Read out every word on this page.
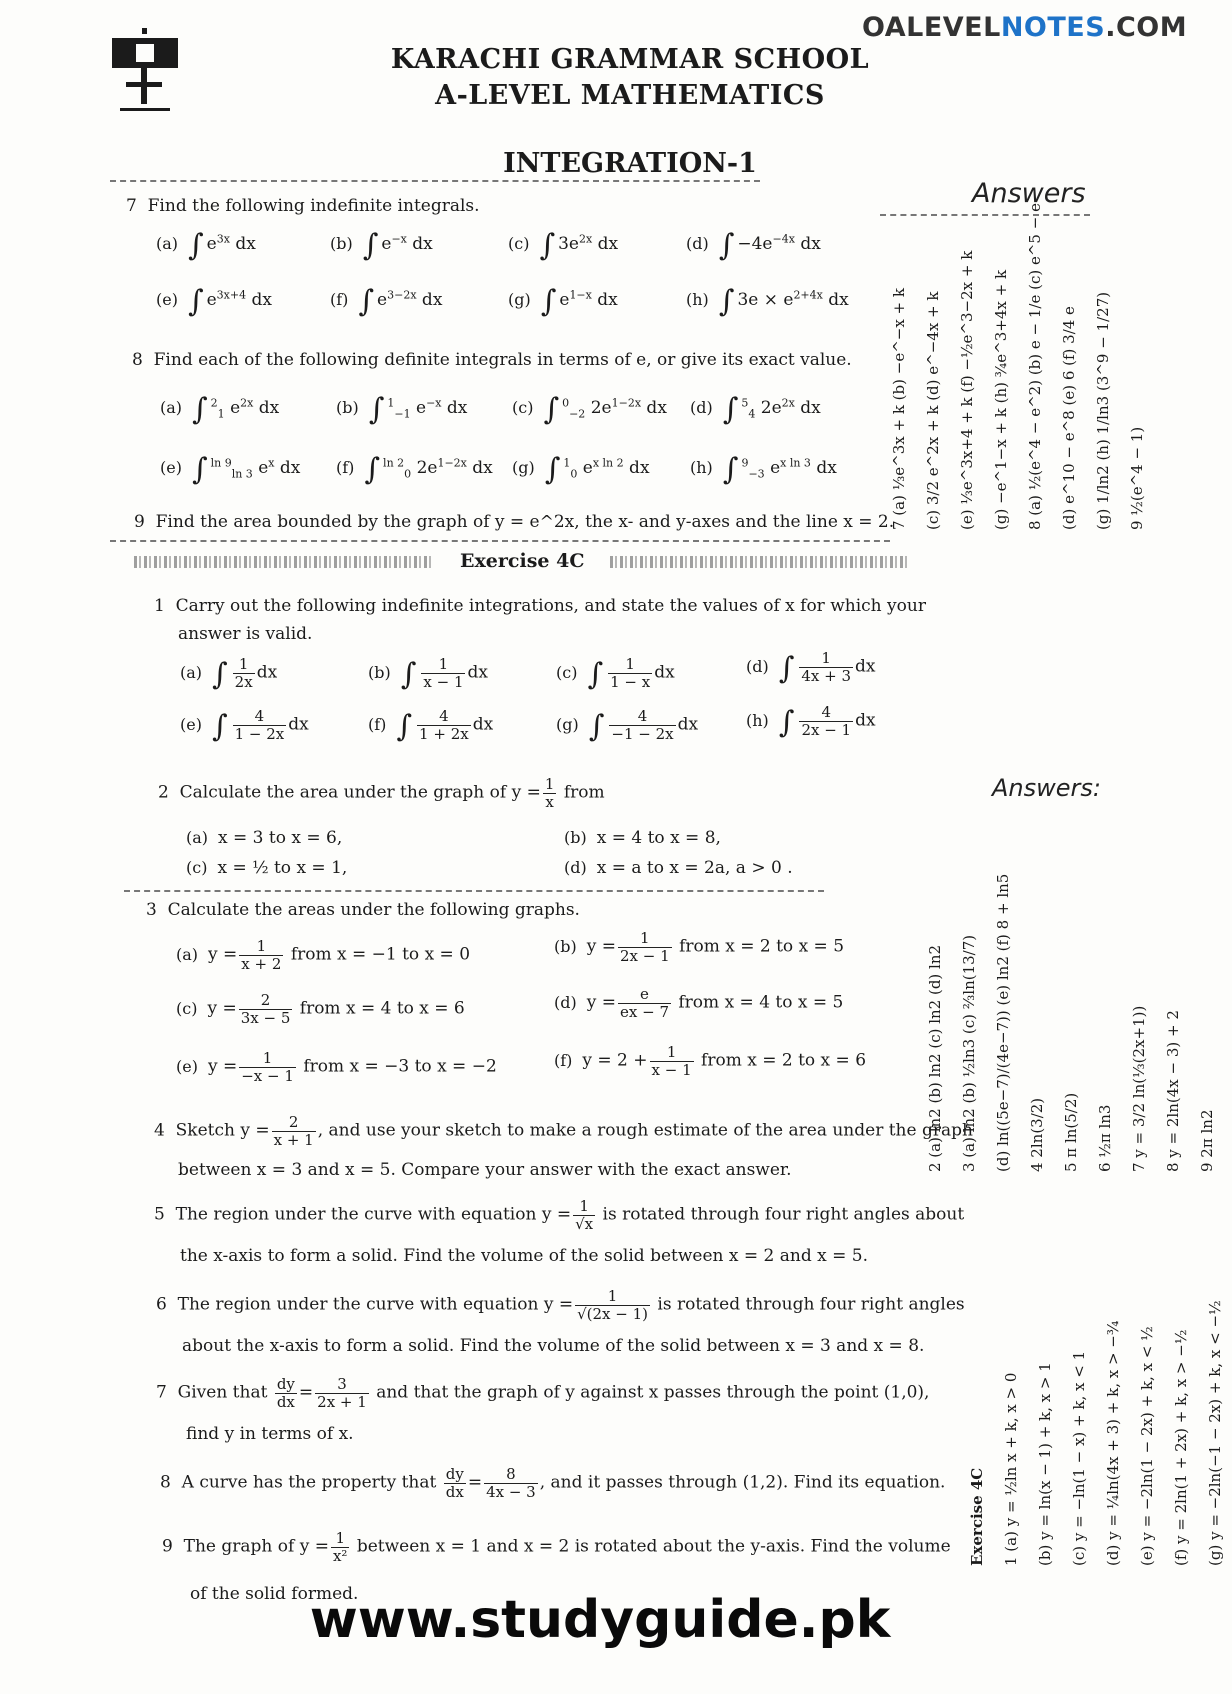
OALEVELNOTES.COM
KARACHI GRAMMAR SCHOOL
A-LEVEL MATHEMATICS
INTEGRATION-1
7 Find the following indefinite integrals.
(a) ∫ $e^{3x}$ dx	(b) ∫ $e^{-x}$ dx	(c) ∫ $3e^{2x}$ dx	(d) ∫ $-4e^{-4x}$ dx
(e) ∫ $e^{3x+4}$ dx	(f) ∫ $e^{3-2x}$ dx	(g) ∫ $e^{1-x}$ dx	(h) ∫ $3e \times e^{2+4x}$ dx
8 Find each of the following definite integrals in terms of e, or give its exact value.
(a) ∫ $^2_1$ $e^{2x}$ dx	(b) ∫ $^1_{-1}$ $e^{-x}$ dx	(c) ∫ $^0_{-2}$ $2e^{1-2x}$ dx (d) ∫ $^5_4$ $2e^{2x}$ dx
(e) ∫ $^{ln 9}_{ln 3}$ $e^x$ dx (f) ∫ $^{ln 2}_0$ $2e^{1-2x}$ dx (g) ∫ $^1_0$ $e^{x ln 2}$ dx	(h) ∫ $^9_{-3}$ $e^{x ln 3}$ dx
9 Find the area bounded by the graph of y = e^2x, the x- and y-axes and the line x = 2.
Answers
7 (a) ⅓e^3x + k (b) −e^−x + k	(c) 3/2 e^2x + k (d) e^−4x + k	(e) ⅓e^3x+4 + k (f) −½e^3−2x + k	(g) −e^1−x + k (h) ¾e^3+4x + k	8 (a) ½(e^4 − e^2) (b) e − 1/e (c) e^5 − e	(d) e^10 − e^8 (e) 6 (f) 3/4 e	(g) 1/ln2 (h) 1/ln3 (3^9 − 1/27)	9 ½(e^4 − 1)
Exercise 4C
1 Carry out the following indefinite integrations, and state the values of x for which your
answer is valid.
(a) ∫ $\frac{1}{2x}$ dx	(b) ∫ $\frac{1}{x - 1}$ dx	(c) ∫ $\frac{1}{1 - x}$ dx	(d) ∫ $\frac{1}{4x + 3}$ dx
(e) ∫ $\frac{4}{1 - 2x}$ dx	(f) ∫ $\frac{4}{1 + 2x}$ dx	(g) ∫ $\frac{4}{-1 - 2x}$ dx	(h) ∫ $\frac{4}{2x - 1}$ dx
2 Calculate the area under the graph of $y = \frac{1}{x}$ from
(a) x = 3 to x = 6,	(b) x = 4 to x = 8,
(c) x = ½ to x = 1,	(d) x = a to x = 2a, a > 0 .
3 Calculate the areas under the following graphs.
(a) $y = \frac{1}{x + 2}$ from x = −1 to x = 0	(b) $y = \frac{1}{2x - 1}$ from x = 2 to x = 5
(c) $y = \frac{2}{3x - 5}$ from x = 4 to x = 6	(d) $y = \frac{e}{ex - 7}$ from x = 4 to x = 5
(e) $y = \frac{1}{-x - 1}$ from x = −3 to x = −2	(f) $y = 2 + \frac{1}{x - 1}$ from x = 2 to x = 6
4 Sketch $y = \frac{2}{x + 1}$ , and use your sketch to make a rough estimate of the area under the graph
between x = 3 and x = 5. Compare your answer with the exact answer.
5 The region under the curve with equation $y = \frac{1}{√x}$ is rotated through four right angles about
the x-axis to form a solid. Find the volume of the solid between x = 2 and x = 5.
6 The region under the curve with equation $y = \frac{1}{√(2x - 1)}$ is rotated through four right angles
about the x-axis to form a solid. Find the volume of the solid between x = 3 and x = 8.
7 Given that $\frac{dy}{dx} = \frac{3}{2x + 1}$ and that the graph of y against x passes through the point (1,0),
find y in terms of x.
8 A curve has the property that $\frac{dy}{dx} = \frac{8}{4x - 3}$ , and it passes through (1,2). Find its equation.
9 The graph of $y = \frac{1}{\text{x²}}$ between x = 1 and x = 2 is rotated about the y-axis. Find the volume
of the solid formed.
Answers:
2 (a) ln2 (b) ln2 (c) ln2 (d) ln2	3 (a) ln2 (b) ½ln3 (c) ⅔ln(13/7)	(d) ln((5e−7)/(4e−7)) (e) ln2 (f) 8 + ln5	4 2ln(3/2)	5 π ln(5/2)	6 ½π ln3	7 y = 3/2 ln(⅓(2x+1))	8 y = 2ln(4x − 3) + 2	9 2π ln2
Exercise 4C	1 (a) y = ½ln x + k, x > 0	(b) y = ln(x − 1) + k, x > 1	(c) y = −ln(1 − x) + k, x < 1	(d) y = ¼ln(4x + 3) + k, x > −¾	(e) y = −2ln(1 − 2x) + k, x < ½	(f) y = 2ln(1 + 2x) + k, x > −½	(g) y = −2ln(−1 − 2x) + k, x < −½
www.studyguide.pk
